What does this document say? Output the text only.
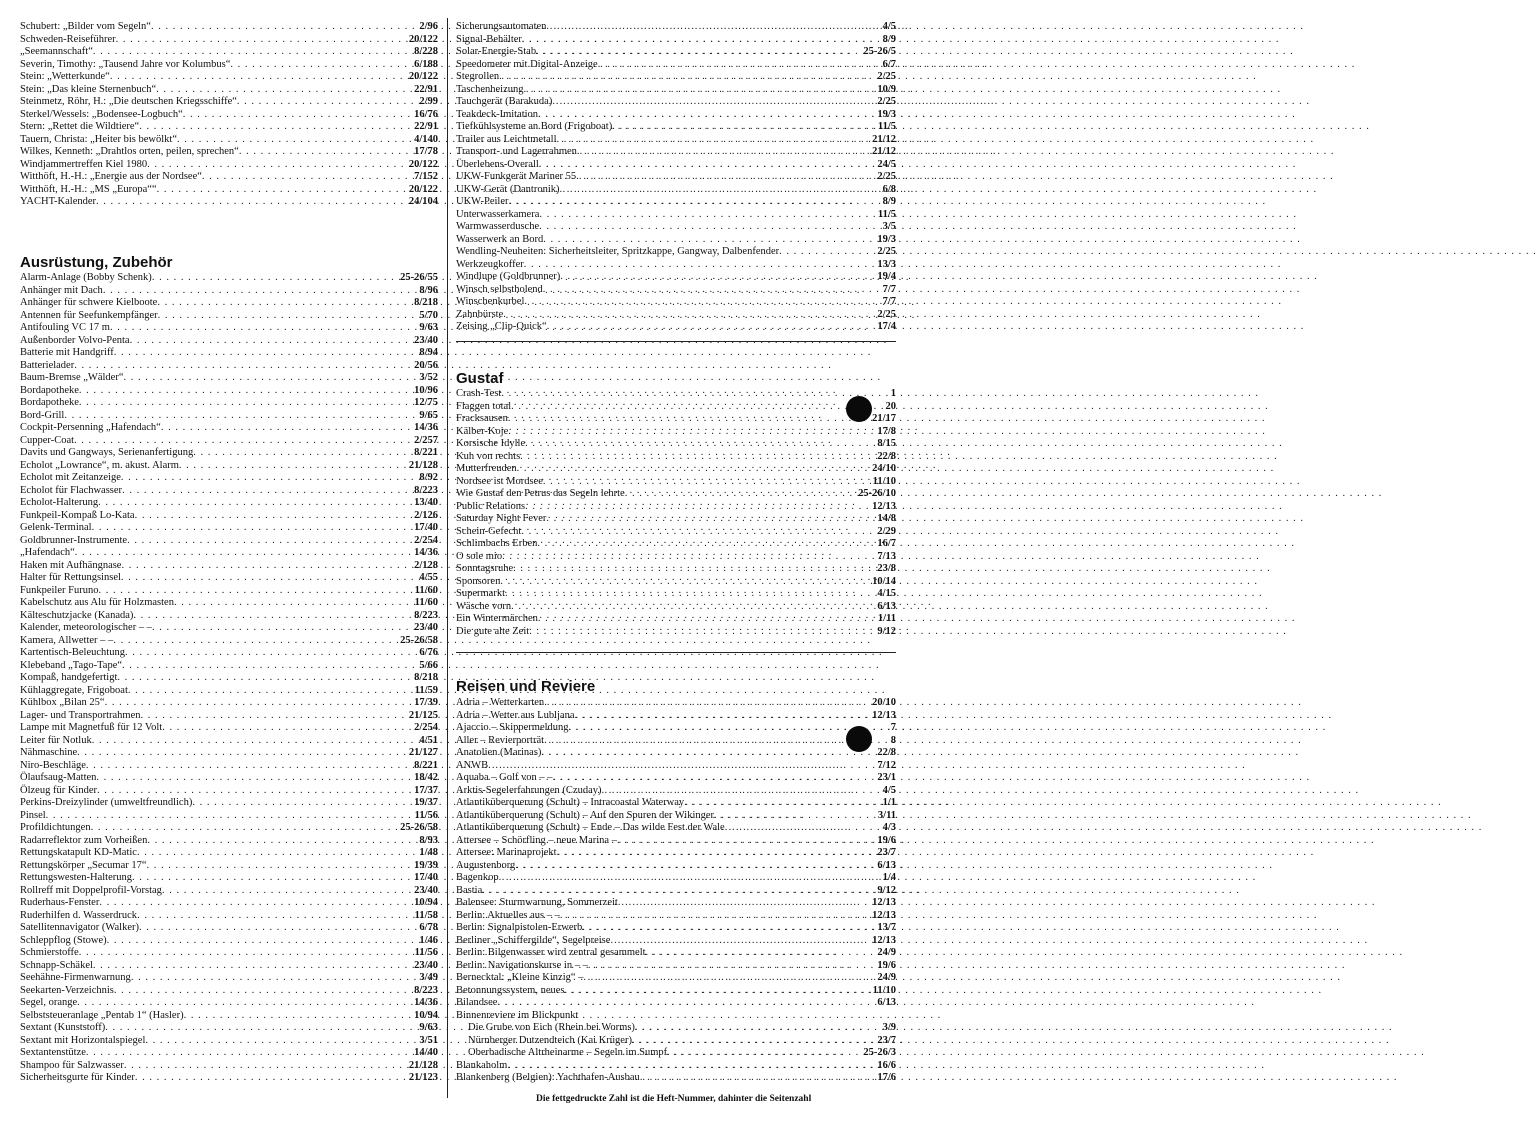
Schubert: „Bilder vom Segeln“ . . .	2/96
Schweden-Reiseführer . . .	20/122
„Seemannschaft“ . . .	8/228
Severin, Timothy: „Tausend Jahre vor Kolumbus“ . . .	6/188
Stein: „Wetterkunde“ . . .	20/122
Stein: „Das kleine Sternenbuch“ . . .	22/91
Steinmetz, Röhr, H.: „Die deutschen Kriegsschiffe“ . . .	2/99
Sterkel/Wessels: „Bodensee-Logbuch“ . . .	16/76
Stern: „Rettet die Wildtiere“ . . .	22/91
Tauern, Christa: „Heiter bis bewölkt“ . . .	4/140
Wilkes, Kenneth: „Drahtlos orten, peilen, sprechen“ . . .	17/78
Windjammertreffen Kiel 1980 . . .	20/122
Witthöft, H.-H.: „Energie aus der Nordsee“ . . .	7/152
Witthöft, H.-H.: „MS „Europa““ . . .	20/122
YACHT-Kalender . . .	24/104
Ausrüstung, Zubehör
Alarm-Anlage (Bobby Schenk) . . .	25-26/55
Anhänger mit Dach . . .	8/96
Anhänger für schwere Kielboote . . .	8/218
Antennen für Seefunkempfänger . . .	5/70
Antifouling VC 17 m . . .	9/63
Außenborder Volvo-Penta . . .	23/40
Batterie mit Handgriff . . .	8/94
Batterielader . . .	20/56
Baum-Bremse „Wälder“ . . .	3/52
Bordapotheke . . .	10/96
Bordapotheke . . .	12/75
Bord-Grill . . .	9/65
Cockpit-Persenning „Hafendach“ . . .	14/36
Cupper-Coat . . .	2/257
Davits und Gangways, Serienanfertigung . . .	8/221
Echolot „Lowrance“, m. akust. Alarm . . .	21/128
Echolot mit Zeitanzeige . . .	8/92
Echolot für Flachwasser . . .	8/223
Echolot-Halterung . . .	13/40
Funkpeil-Kompaß Lo-Kata . . .	2/126
Gelenk-Terminal . . .	17/40
Goldbrunner-Instrumente . . .	2/254
„Hafendach“ . . .	14/36
Haken mit Aufhängnase . . .	2/128
Halter für Rettungsinsel . . .	4/55
Funkpeiler Furuno . . .	11/60
Kabelschutz aus Alu für Holzmasten . . .	11/60
Kälteschutzjacke (Kanada) . . .	8/223
Kalender, meteorologischer – – . . .	23/40
Kamera, Allwetter – – . . .	25-26/58
Kartentisch-Beleuchtung . . .	6/76
Klebeband „Tago-Tape“ . . .	5/66
Kompaß, handgefertigt . . .	8/218
Kühlaggregate, Frigoboat . . .	11/59
Kühlbox „Bilan 25“ . . .	17/39
Lager- und Transportrahmen . . .	21/125
Lampe mit Magnetfuß für 12 Volt . . .	2/254
Leiter für Notluk . . .	4/51
Nähmaschine . . .	21/127
Niro-Beschläge . . .	8/221
Ölaufsaug-Matten . . .	18/42
Ölzeug für Kinder . . .	17/37
Perkins-Dreizylinder (umweltfreundlich) . . .	19/37
Pinsel . . .	11/56
Profildichtungen . . .	25-26/58
Radarreflektor zum Vorheißen . . .	8/93
Rettungskatapult KD-Matic . . .	1/48
Rettungskörper „Secumar 17“ . . .	19/39
Rettungswesten-Halterung . . .	17/40
Rollreff mit Doppelprofil-Vorstag . . .	23/40
Ruderhaus-Fenster . . .	10/94
Ruderhilfen d. Wasserdruck . . .	11/58
Satellitennavigator (Walker) . . .	6/78
Schleppflog (Stowe) . . .	1/46
Schmierstoffe . . .	11/56
Schnapp-Schäkel . . .	23/40
Seehähne-Firmenwarnung . . .	3/49
Seekarten-Verzeichnis . . .	8/223
Segel, orange . . .	14/36
Selbststeueranlage „Pentab 1“ (Hasler) . . .	10/94
Sextant (Kunststoff) . . .	9/63
Sextant mit Horizontalspiegel . . .	3/51
Sextantenstütze . . .	14/40
Shampoo für Salzwasser . . .	21/128
Sicherheitsgurte für Kinder . . .	21/123
Sicherungsautomaten . . .	4/5
Signal-Behälter . . .	8/9
Solar-Energie-Stab . . .	25-26/5
Speedometer mit Digital-Anzeige . . .	6/7
Stegrollen . . .	2/25
Taschenheizung . . .	10/9
Tauchgerät (Barakuda) . . .	2/25
Teakdeck-Imitation . . .	19/3
Tiefkühlsysteme an Bord (Frigoboat) . . .	11/5
Trailer aus Leichtmetall . . .	21/12
Transport- und Lagerrahmen . . .	21/12
Überlebens-Overall . . .	24/5
UKW-Funkgerät Mariner 55 . . .	2/25
UKW-Gerät (Dantronik) . . .	6/8
UKW-Peiler . . .	8/9
Unterwasserkamera . . .	11/5
Warmwasserdusche . . .	3/5
Wasserwerk an Bord . . .	19/3
Wendling-Neuheiten: Sicherheitsleiter, Spritzkappe, Gangway, Dalbenfender . . .	2/25
Werkzeugkoffer . . .	13/3
Windlupe (Goldbrunner) . . .	19/4
Winsch selbstholend . . .	7/7
Winschenkurbel . . .	7/7
Zahnbürste . . .	2/25
Zeising „Clip-Quick“ . . .	17/4
Gustaf
Crash-Test . . .	1
Flaggen total . . .	20
Fracksausen . . .	21/17
Kälber-Koje . . .	17/8
Korsische Idylle . . .	8/15
Kuh von rechts . . .	22/8
Mutterfreuden . . .	24/10
Nordsee ist Mordsee . . .	11/10
Wie Gustaf den Petrus das Segeln lehrte . . .	25-26/10
Public Relations . . .	12/13
Saturday Night Fever . . .	14/8
Schein-Gefecht . . .	2/29
Schlimbachs Erben . . .	16/7
O sole mio . . .	7/13
Sonntagsruhe . . .	23/8
Sponsoren . . .	10/14
Supermarkt . . .	4/15
Wäsche vorn . . .	6/13
Ein Wintermärchen . . .	1/11
Die gute alte Zeit . . .	9/12
Reisen und Reviere
Adria – Wetterkarten . . .	20/10
Adria – Wetter aus Lubljana . . .	12/13
Ajaccio – Skippermeldung . . .	7
Aller – Revierporträt . . .	8
Anatolien (Marinas) . . .	22/8
ANWB . . .	7/12
Aquaba – Golf von – – . . .	23/1
Arktis-Segelerfahrungen (Czuday) . . .	4/5
Atlantiküberquerung (Schult) – Intracoastal Waterway . . .	1/1
Atlantiküberquerung (Schult) – Auf den Spuren der Wikinger . . .	3/11
Atlantiküberquerung (Schult) – Ende – Das wilde Fest der Wale . . .	4/3
Attersee – Schörfling – neue Marina – . . .	19/6
Attersee: Marinaprojekt . . .	23/7
Augustenborg . . .	6/13
Bagenkop . . .	1/4
Bastia . . .	9/12
Balensee: Sturmwarnung, Sommerzeit . . .	12/13
Berlin: Aktuelles aus – – . . .	12/13
Berlin: Signalpistolen-Erwerb . . .	13/7
Berliner „Schiffergilde“, Segelpreise . . .	12/13
Berlin: Bilgenwasser wird zentral gesammelt . . .	24/9
Berlin: Navigationskurse in – – . . .	19/6
Bernecktal: „Kleine Kinzig“ – . . .	24/9
Betonnungssystem, neues . . .	11/10
Bilandsee . . .	6/13
Binnenreviere im Blickpunkt
Die Grube von Eich (Rhein bei Worms) . . .	3/9
Nürnberger Dutzendteich (Kai Krüger) . . .	23/7
Oberbadische Altrheinarme – Segeln im Sumpf . . .	25-26/3
Blankaholm . . .	16/6
Blankenberg (Belgien): Yachthafen-Ausbau . . .	17/6
Die fettgedruckte Zahl ist die Heft-Nummer, dahinter die Seitenzahl
